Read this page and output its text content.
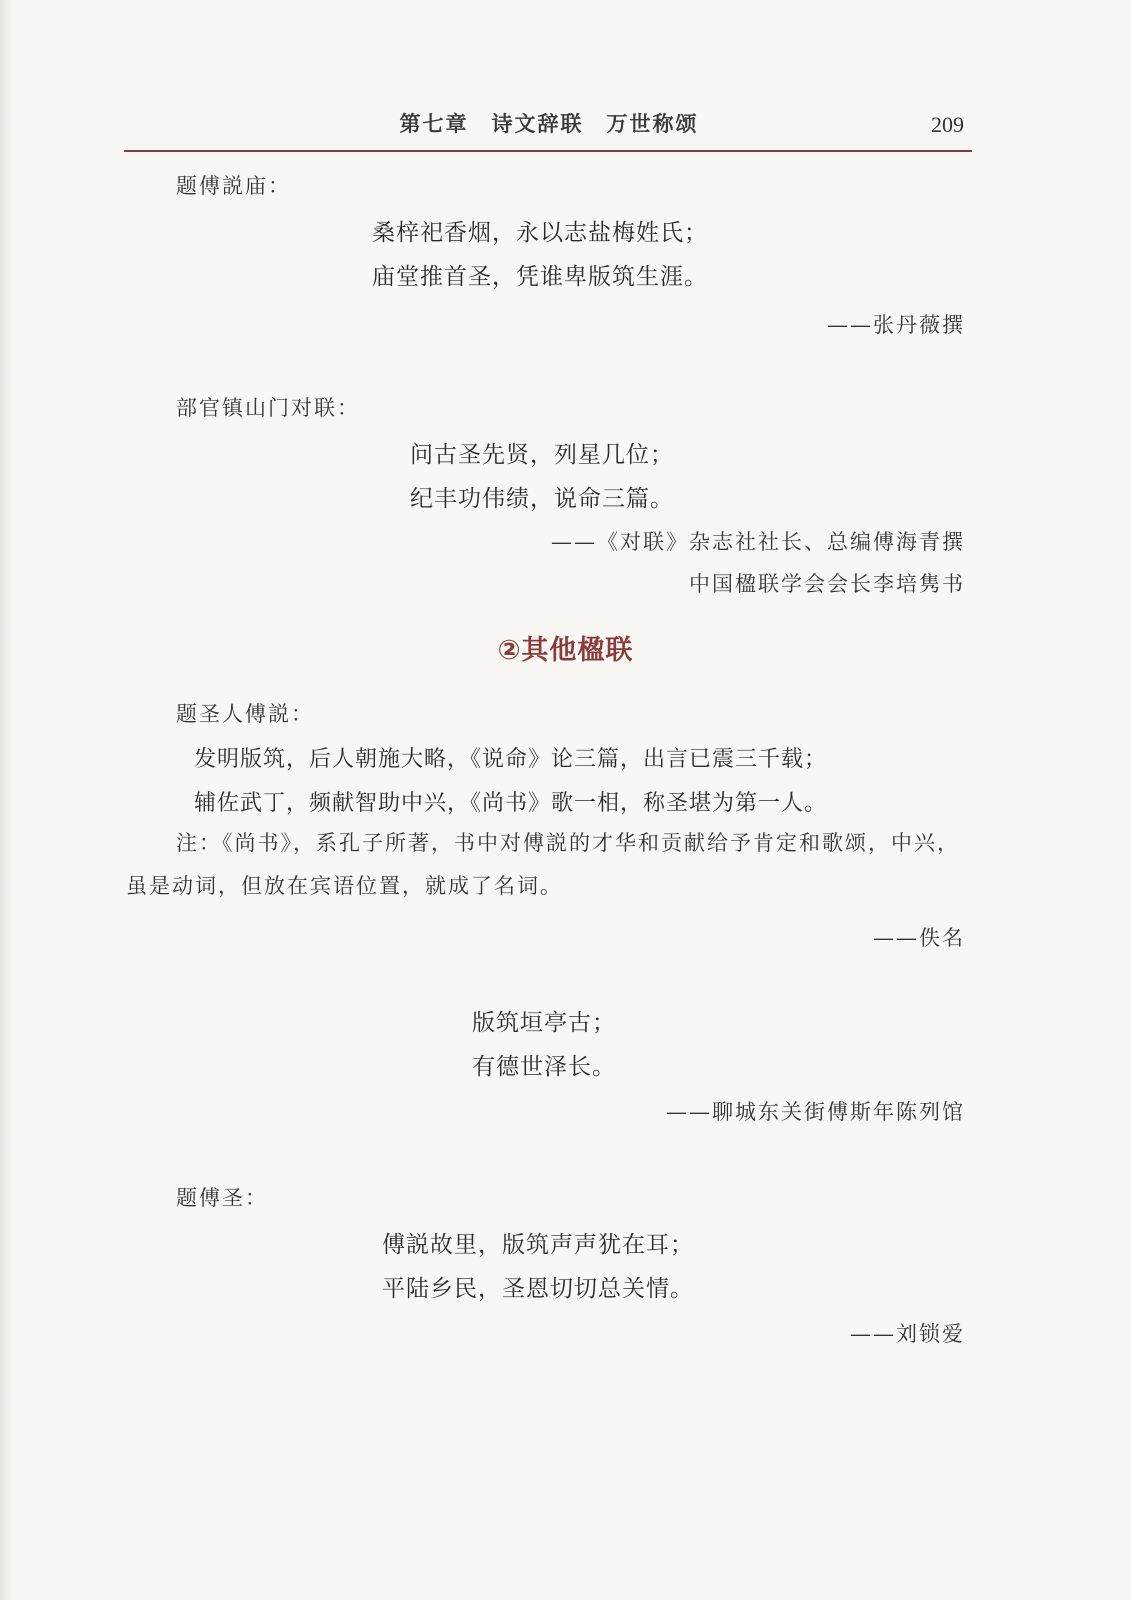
第七章　诗文辞联　万世称颂	209
题傅説庙：
桑梓祀香烟，永以志盐梅姓氏；
庙堂推首圣，凭谁卑版筑生涯。
——张丹薇撰
部官镇山门对联：
问古圣先贤，列星几位；
纪丰功伟绩，说命三篇。
——《对联》杂志社社长、总编傅海青撰
中国楹联学会会长李培隽书
②其他楹联
题圣人傅説：
发明版筑，后人朝施大略，《说命》论三篇，出言已震三千载；
辅佐武丁，频献智助中兴，《尚书》歌一相，称圣堪为第一人。
注：《尚书》，系孔子所著，书中对傅説的才华和贡献给予肯定和歌颂，中兴，虽是动词，但放在宾语位置，就成了名词。
——佚名
版筑垣亭古；
有德世泽长。
——聊城东关街傅斯年陈列馆
题傅圣：
傅説故里，版筑声声犹在耳；
平陆乡民，圣恩切切总关情。
——刘锁爱
